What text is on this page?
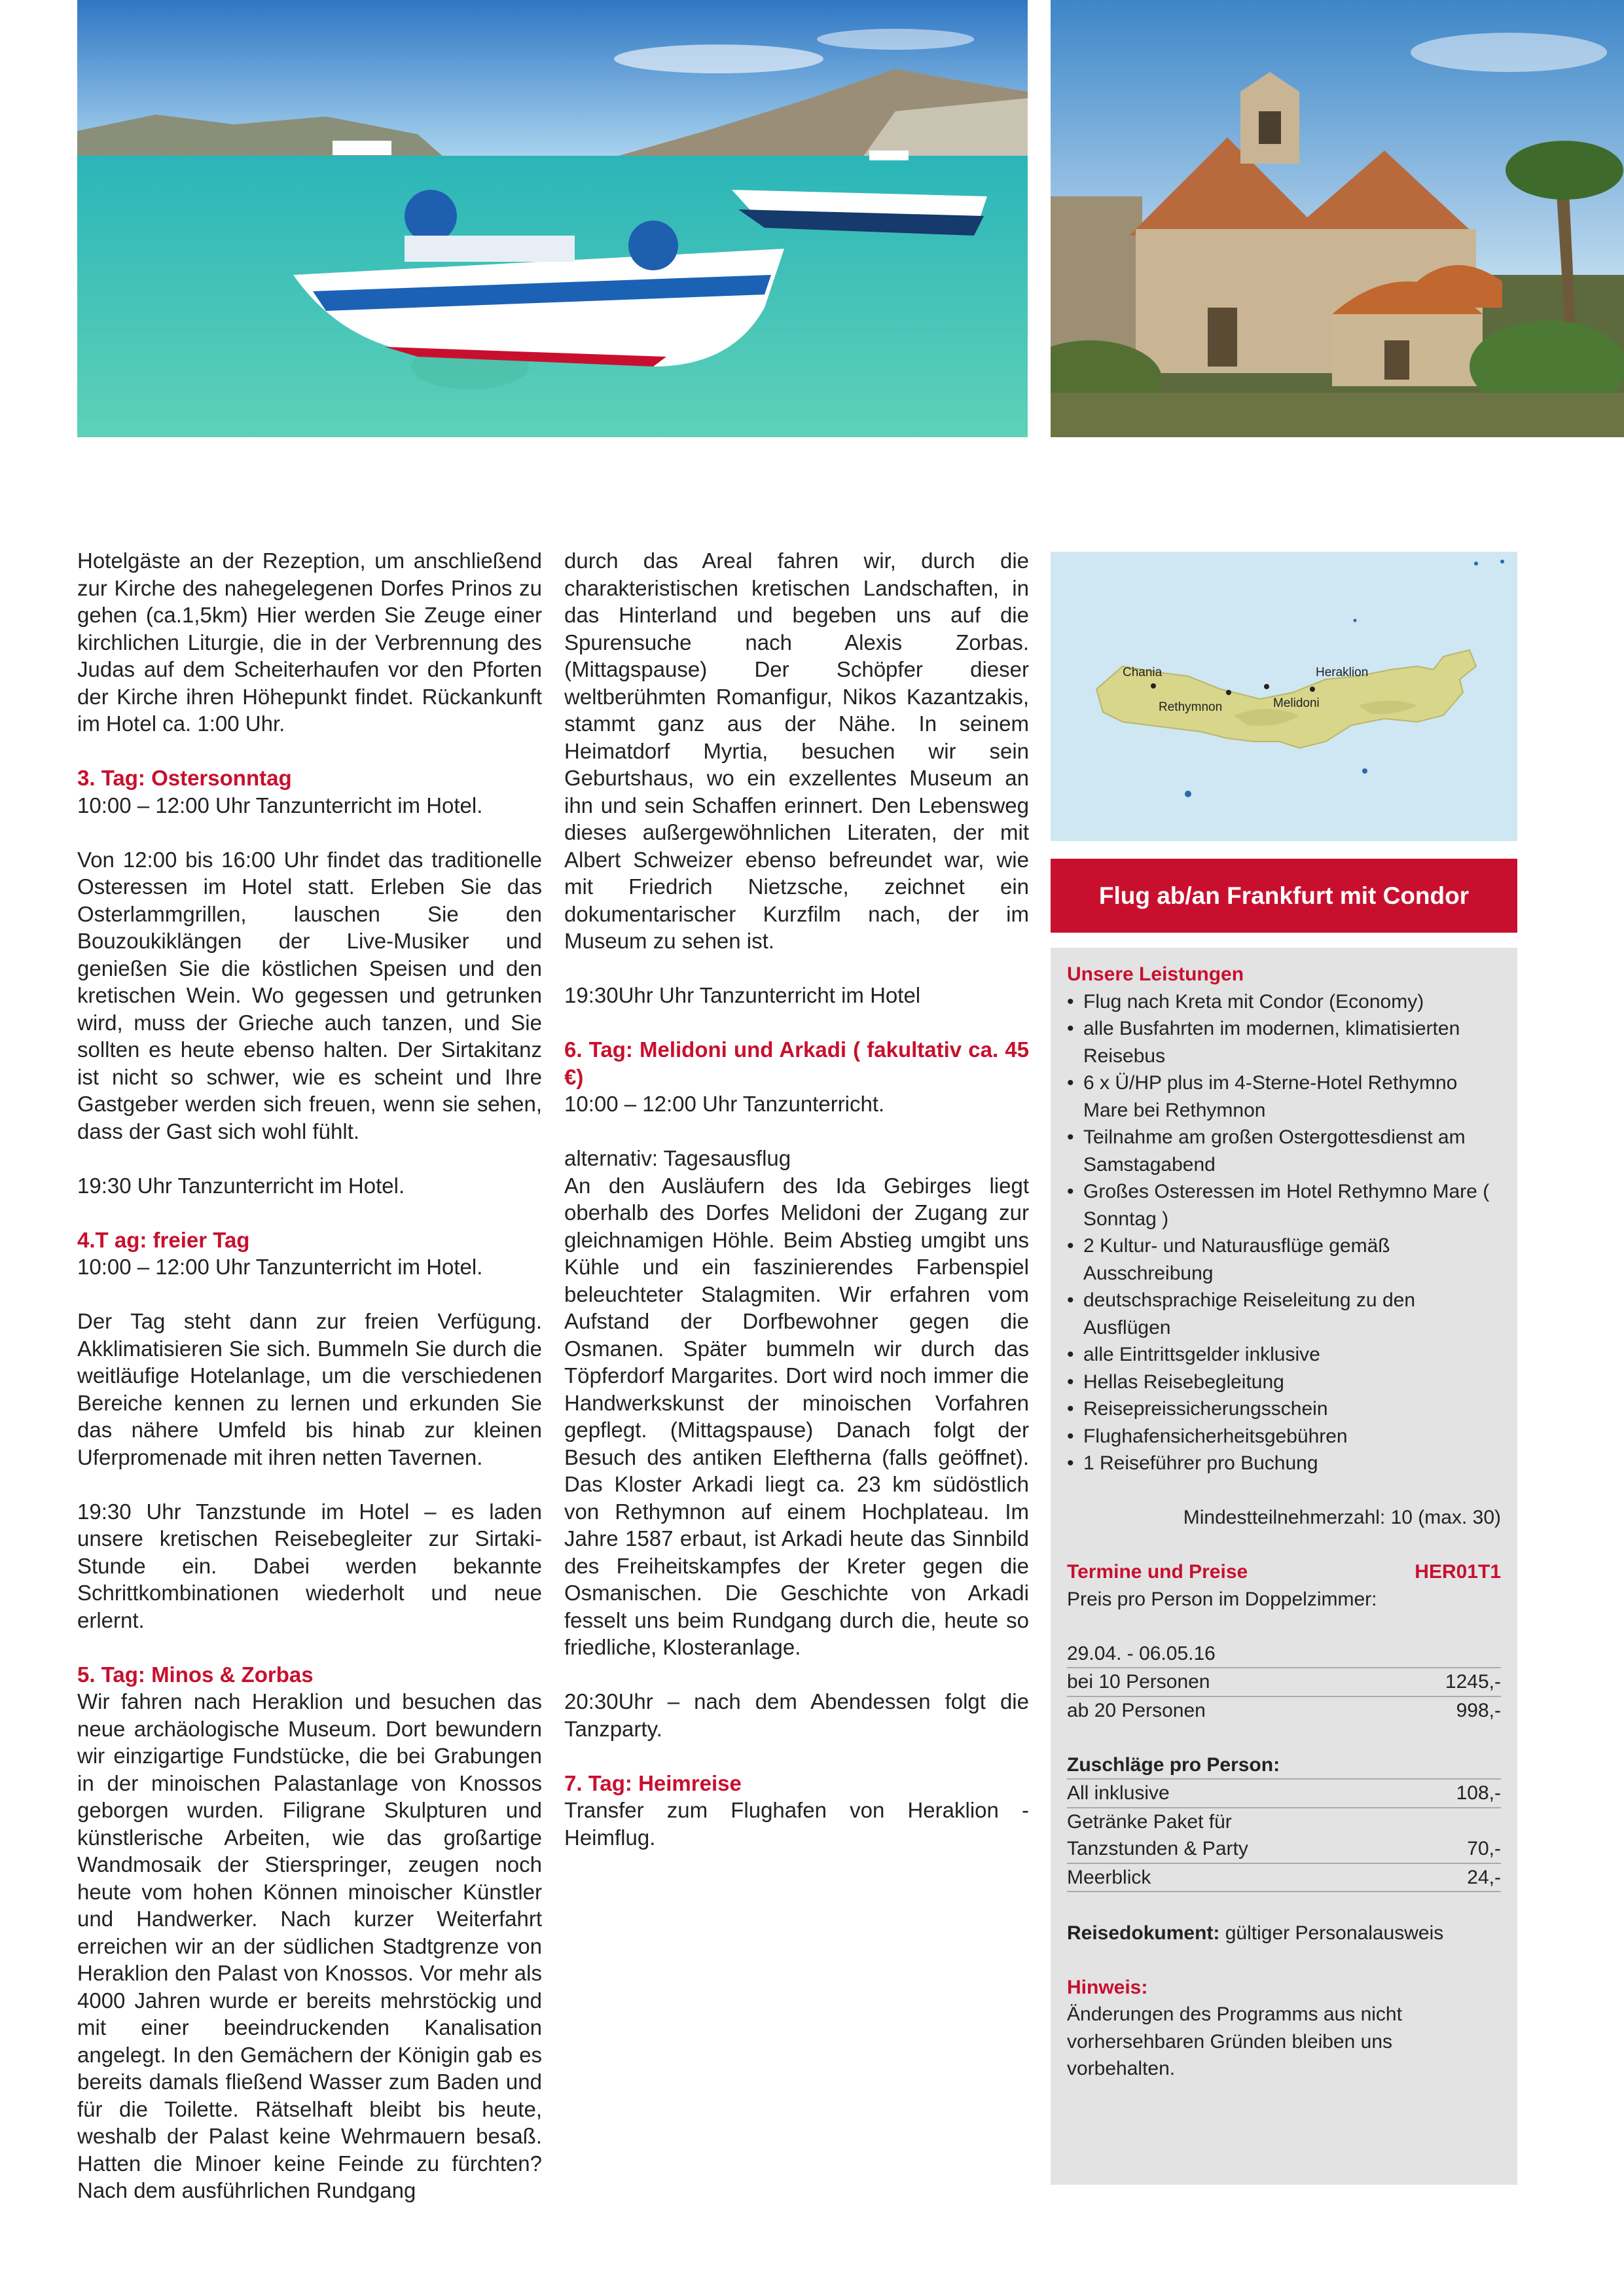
Hotelgäste an der Rezeption, um anschließend zur Kirche des nahegelegenen Dorfes Prinos zu gehen (ca.1,5km) Hier werden Sie Zeuge einer kirchlichen Liturgie, die in der Verbrennung des Judas auf dem Scheiterhaufen vor den Pforten der Kirche ihren Höhepunkt findet. Rückankunft im Hotel ca. 1:00 Uhr.

3. Tag: Ostersonntag
10:00 – 12:00 Uhr Tanzunterricht im Hotel.

Von 12:00 bis 16:00 Uhr findet das traditionelle Osteressen im Hotel statt. Erleben Sie das Osterlammgrillen, lauschen Sie den Bouzoukiklängen der Live-Musiker und genießen Sie die köstlichen Speisen und den kretischen Wein. Wo gegessen und getrunken wird, muss der Grieche auch tanzen, und Sie sollten es heute ebenso halten. Der Sirtakitanz ist nicht so schwer, wie es scheint und Ihre Gastgeber werden sich freuen, wenn sie sehen, dass der Gast sich wohl fühlt.

19:30 Uhr Tanzunterricht im Hotel.

4.T ag: freier Tag
10:00 – 12:00 Uhr Tanzunterricht im Hotel.

Der Tag steht dann zur freien Verfügung. Akklimatisieren Sie sich. Bummeln Sie durch die weitläufige Hotelanlage, um die verschiedenen Bereiche kennen zu lernen und erkunden Sie das nähere Umfeld bis hinab zur kleinen Uferpromenade mit ihren netten Tavernen.

19:30 Uhr Tanzstunde im Hotel – es laden unsere kretischen Reisebegleiter zur Sirtaki-Stunde ein. Dabei werden bekannte Schrittkombinationen wiederholt und neue erlernt.

5. Tag: Minos & Zorbas
Wir fahren nach Heraklion und besuchen das neue archäologische Museum. Dort bewundern wir einzigartige Fundstücke, die bei Grabungen in der minoischen Palastanlage von Knossos geborgen wurden. Filigrane Skulpturen und künstlerische Arbeiten, wie das großartige Wandmosaik der Stierspringer, zeugen noch heute vom hohen Können minoischer Künstler und Handwerker. Nach kurzer Weiterfahrt erreichen wir an der südlichen Stadtgrenze von Heraklion den Palast von Knossos. Vor mehr als 4000 Jahren wurde er bereits mehrstöckig und mit einer beeindruckenden Kanalisation angelegt. In den Gemächern der Königin gab es bereits damals fließend Wasser zum Baden und für die Toilette. Rätselhaft bleibt bis heute, weshalb der Palast keine Wehrmauern besaß. Hatten die Minoer keine Feinde zu fürchten? Nach dem ausführlichen Rundgang

durch das Areal fahren wir, durch die charakteristischen kretischen Landschaften, in das Hinterland und begeben uns auf die Spurensuche nach Alexis Zorbas. (Mittagspause) Der Schöpfer dieser weltberühmten Romanfigur, Nikos Kazantzakis, stammt ganz aus der Nähe. In seinem Heimatdorf Myrtia, besuchen wir sein Geburtshaus, wo ein exzellentes Museum an ihn und sein Schaffen erinnert. Den Lebensweg dieses außergewöhnlichen Literaten, der mit Albert Schweizer ebenso befreundet war, wie mit Friedrich Nietzsche, zeichnet ein dokumentarischer Kurzfilm nach, der im Museum zu sehen ist.

19:30Uhr Uhr Tanzunterricht im Hotel

6. Tag: Melidoni und Arkadi ( fakultativ ca. 45 €)
10:00 – 12:00 Uhr Tanzunterricht.

alternativ: Tagesausflug
An den Ausläufern des Ida Gebirges liegt oberhalb des Dorfes Melidoni der Zugang zur gleichnamigen Höhle. Beim Abstieg umgibt uns Kühle und ein faszinierendes Farbenspiel beleuchteter Stalagmiten. Wir erfahren vom Aufstand der Dorfbewohner gegen die Osmanen. Später bummeln wir durch das Töpferdorf Margarites. Dort wird noch immer die Handwerkskunst der minoischen Vorfahren gepflegt. (Mittagspause) Danach folgt der Besuch des antiken Eleftherna (falls geöffnet). Das Kloster Arkadi liegt ca. 23 km südöstlich von Rethymnon auf einem Hochplateau. Im Jahre 1587 erbaut, ist Arkadi heute das Sinnbild des Freiheitskampfes der Kreter gegen die Osmanischen. Die Geschichte von Arkadi fesselt uns beim Rundgang durch die, heute so friedliche, Klosteranlage.

20:30Uhr – nach dem Abendessen folgt die Tanzparty.

7. Tag: Heimreise
Transfer zum Flughafen von Heraklion - Heimflug.

Chania	Heraklion
Rethymnon	Melidoni
Flug ab/an Frankfurt mit Condor
Unsere Leistungen
• Flug nach Kreta mit Condor (Economy)
• alle Busfahrten im modernen, klimatisierten Reisebus
• 6 x Ü/HP plus im 4-Sterne-Hotel Rethymno Mare bei Rethymnon
• Teilnahme am großen Ostergottesdienst am Samstagabend
• Großes Osteressen im Hotel Rethymno Mare ( Sonntag )
• 2 Kultur- und Naturausflüge gemäß Ausschreibung
• deutschsprachige Reiseleitung zu den Ausflügen
• alle Eintrittsgelder inklusive
• Hellas Reisebegleitung
• Reisepreissicherungsschein
• Flughafensicherheitsgebühren
• 1 Reiseführer pro Buchung
Mindestteilnehmerzahl: 10 (max. 30)
Termine und Preise	HER01T1
Preis pro Person im Doppelzimmer:
29.04. - 06.05.16
bei 10 Personen	1245,-
ab 20 Personen	998,-
Zuschläge pro Person:
All inklusive	108,-
Getränke Paket für
Tanzstunden & Party	70,-
Meerblick	24,-
Reisedokument: gültiger Personalausweis
Hinweis:
Änderungen des Programms aus nicht vorhersehbaren Gründen bleiben uns vorbehalten.
